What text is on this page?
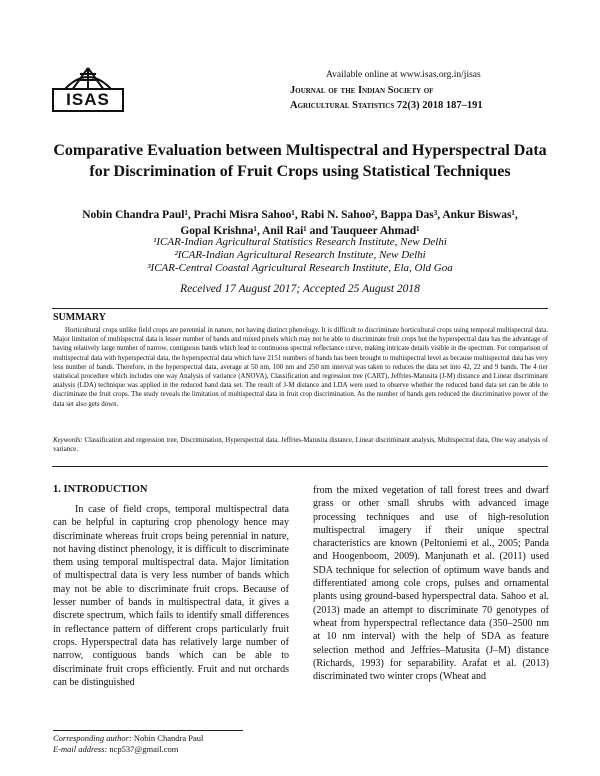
ISAS
Available online at www.isas.org.in/jisas
Journal of the Indian Society of
Agricultural Statistics 72(3) 2018 187–191
Comparative Evaluation between Multispectral and Hyperspectral Data
for Discrimination of Fruit Crops using Statistical Techniques
Nobin Chandra Paul¹, Prachi Misra Sahoo¹, Rabi N. Sahoo², Bappa Das³, Ankur Biswas¹,
Gopal Krishna¹, Anil Rai¹ and Tauqueer Ahmad¹
¹ICAR-Indian Agricultural Statistics Research Institute, New Delhi
²ICAR-Indian Agricultural Research Institute, New Delhi
³ICAR-Central Coastal Agricultural Research Institute, Ela, Old Goa
Received 17 August 2017; Accepted 25 August 2018
SUMMARY
Horticultural crops unlike field crops are perennial in nature, not having distinct phenology. It is difficult to discriminate horticultural crops using temporal multispectral data. Major limitation of multispectral data is lesser number of bands and mixed pixels which may not be able to discriminate fruit crops but the hyperspectral data has the advantage of having relatively large number of narrow, contiguous bands which lead to continuous spectral reflectance curve, making intricate details visible in the spectrum. For comparison of multispectral data with hyperspectral data, the hyperspectral data which have 2151 numbers of bands has been brought to multispectral level as because multispectral data has very less number of bands. Therefore, in the hyperspectral data, average at 50 nm, 100 nm and 250 nm interval was taken to reduces the data set into 42, 22 and 9 bands. The 4 tier statistical procedure which includes one way Analysis of variance (ANOVA), Classification and regression tree (CART), Jeffries-Matusita (J-M) distance and Linear discriminant analysis (LDA) technique was applied in the reduced band data set. The result of J-M distance and LDA were used to observe whether the reduced band data set can be able to discriminate the fruit crops. The study reveals the limitation of multispectral data in fruit crop discrimination. As the number of bands gets reduced the discriminative power of the data set also gets down.
Keywords: Classification and regression tree, Discrimination, Hyperspectral data, Jeffries-Matusita distance, Linear discriminant analysis, Multispectral data, One way analysis of variance.
1. INTRODUCTION

In case of field crops, temporal multispectral data can be helpful in capturing crop phenology hence may discriminate whereas fruit crops being perennial in nature, not having distinct phenology, it is difficult to discriminate them using temporal multispectral data. Major limitation of multispectral data is very less number of bands which may not be able to discriminate fruit crops. Because of lesser number of bands in multispectral data, it gives a discrete spectrum, which fails to identify small differences in reflectance pattern of different crops particularly fruit crops. Hyperspectral data has relatively large number of narrow, contiguous bands which can be able to discriminate fruit crops efficiently. Fruit and nut orchards can be distinguished

from the mixed vegetation of tall forest trees and dwarf grass or other small shrubs with advanced image processing techniques and use of high-resolution multispectral imagery if their unique spectral characteristics are known (Peltoniemi et al., 2005; Panda and Hoogenboom, 2009). Manjunath et al. (2011) used SDA technique for selection of optimum wave bands and differentiated among cole crops, pulses and ornamental plants using ground-based hyperspectral data. Sahoo et al. (2013) made an attempt to discriminate 70 genotypes of wheat from hyperspectral reflectance data (350–2500 nm at 10 nm interval) with the help of SDA as feature selection method and Jeffries–Matusita (J–M) distance (Richards, 1993) for separability. Arafat et al. (2013) discriminated two winter crops (Wheat and

Corresponding author: Nobin Chandra Paul
E-mail address: ncp537@gmail.com
